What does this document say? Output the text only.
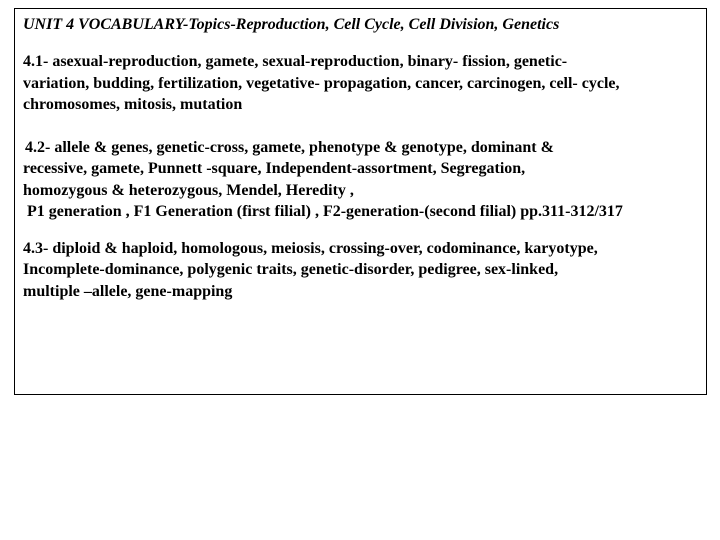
UNIT 4 VOCABULARY-Topics-Reproduction, Cell Cycle, Cell Division, Genetics

4.1- asexual-reproduction, gamete, sexual-reproduction, binary- fission, genetic-
variation, budding, fertilization, vegetative- propagation, cancer, carcinogen, cell- cycle,
chromosomes, mitosis, mutation

4.2- allele & genes, genetic-cross, gamete, phenotype & genotype, dominant &
recessive, gamete, Punnett -square, Independent-assortment, Segregation,
homozygous & heterozygous, Mendel, Heredity ,
P1 generation , F1 Generation (first filial) , F2-generation-(second filial) pp.311-312/317

4.3- diploid & haploid, homologous, meiosis, crossing-over, codominance, karyotype,
Incomplete-dominance, polygenic traits, genetic-disorder, pedigree, sex-linked,
multiple –allele, gene-mapping
